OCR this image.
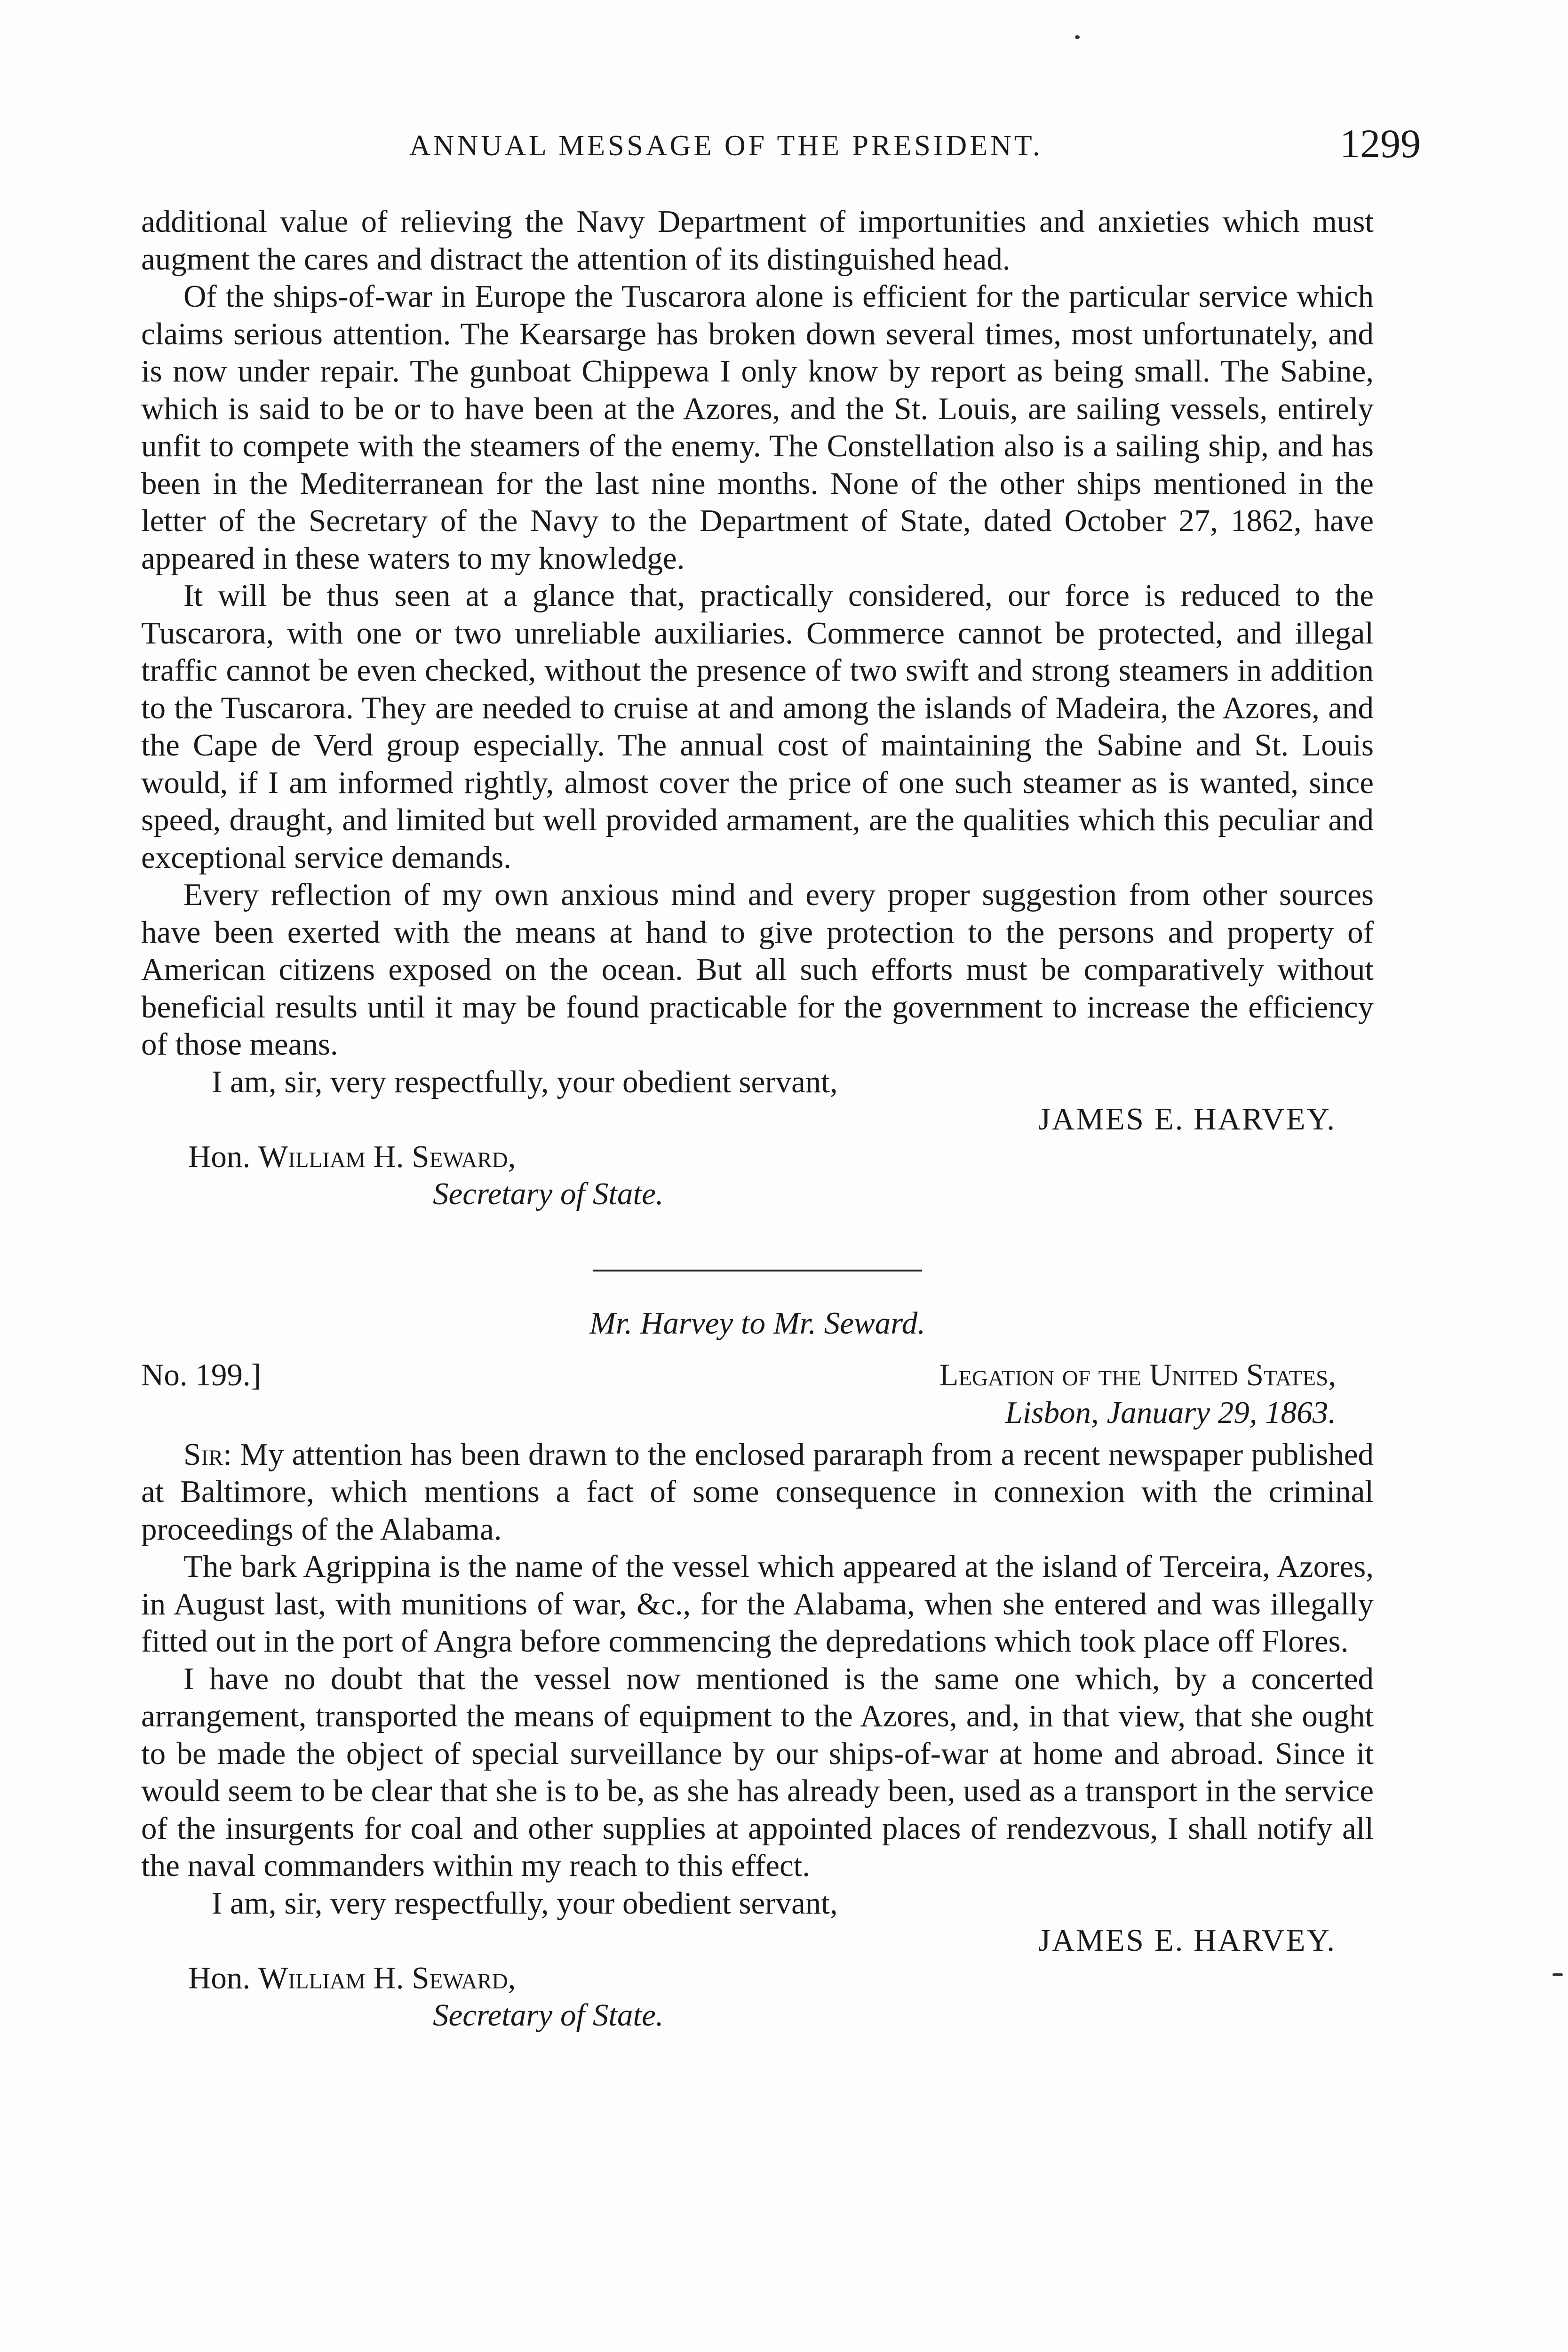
ANNUAL MESSAGE OF THE PRESIDENT.	1299

additional value of relieving the Navy Department of importunities and anxieties which must augment the cares and distract the attention of its distinguished head.

Of the ships-of-war in Europe the Tuscarora alone is efficient for the particular service which claims serious attention. The Kearsarge has broken down several times, most unfortunately, and is now under repair. The gunboat Chippewa I only know by report as being small. The Sabine, which is said to be or to have been at the Azores, and the St. Louis, are sailing vessels, entirely unfit to compete with the steamers of the enemy. The Constellation also is a sailing ship, and has been in the Mediterranean for the last nine months. None of the other ships mentioned in the letter of the Secretary of the Navy to the Department of State, dated October 27, 1862, have appeared in these waters to my knowledge.

It will be thus seen at a glance that, practically considered, our force is reduced to the Tuscarora, with one or two unreliable auxiliaries. Commerce cannot be protected, and illegal traffic cannot be even checked, without the presence of two swift and strong steamers in addition to the Tuscarora. They are needed to cruise at and among the islands of Madeira, the Azores, and the Cape de Verd group especially. The annual cost of maintaining the Sabine and St. Louis would, if I am informed rightly, almost cover the price of one such steamer as is wanted, since speed, draught, and limited but well provided armament, are the qualities which this peculiar and exceptional service demands.

Every reflection of my own anxious mind and every proper suggestion from other sources have been exerted with the means at hand to give protection to the persons and property of American citizens exposed on the ocean. But all such efforts must be comparatively without beneficial results until it may be found practicable for the government to increase the efficiency of those means.

I am, sir, very respectfully, your obedient servant,

JAMES E. HARVEY.

Hon. William H. Seward,

Secretary of State.

Mr. Harvey to Mr. Seward.

No. 199.]	Legation of the United States,

Lisbon, January 29, 1863.

Sir: My attention has been drawn to the enclosed pararaph from a recent newspaper published at Baltimore, which mentions a fact of some consequence in connexion with the criminal proceedings of the Alabama.

The bark Agrippina is the name of the vessel which appeared at the island of Terceira, Azores, in August last, with munitions of war, &c., for the Alabama, when she entered and was illegally fitted out in the port of Angra before commencing the depredations which took place off Flores.

I have no doubt that the vessel now mentioned is the same one which, by a concerted arrangement, transported the means of equipment to the Azores, and, in that view, that she ought to be made the object of special surveillance by our ships-of-war at home and abroad. Since it would seem to be clear that she is to be, as she has already been, used as a transport in the service of the insurgents for coal and other supplies at appointed places of rendezvous, I shall notify all the naval commanders within my reach to this effect.

I am, sir, very respectfully, your obedient servant,

JAMES E. HARVEY.

Hon. William H. Seward,

Secretary of State.
